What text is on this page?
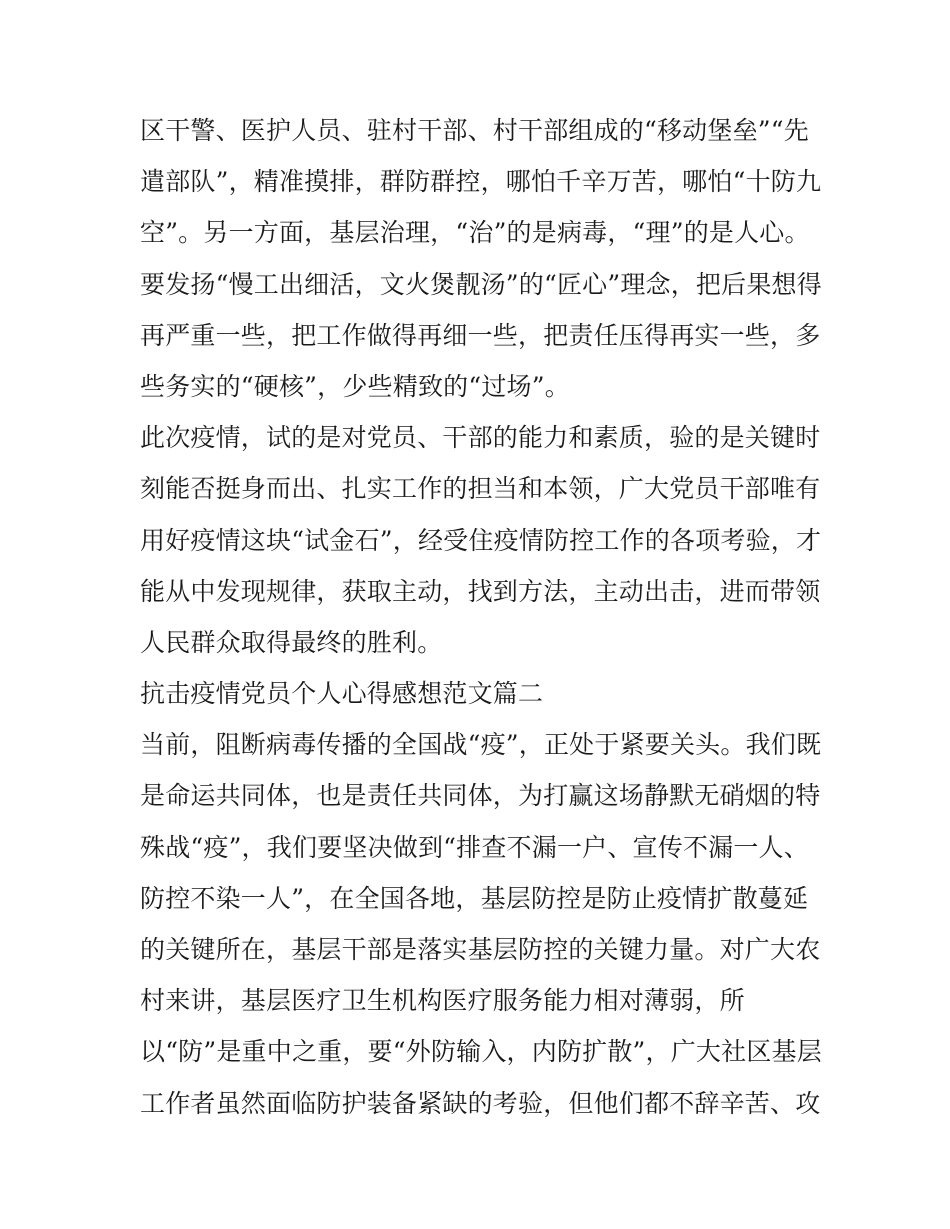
区干警、医护人员、驻村干部、村干部组成的“移动堡垒”“先
遣部队”，精准摸排，群防群控，哪怕千辛万苦，哪怕“十防九
空”。另一方面，基层治理，“治”的是病毒，“理”的是人心。
要发扬“慢工出细活，文火煲靓汤”的“匠心”理念，把后果想得
再严重一些，把工作做得再细一些，把责任压得再实一些，多
些务实的“硬核”，少些精致的“过场”。
此次疫情，试的是对党员、干部的能力和素质，验的是关键时
刻能否挺身而出、扎实工作的担当和本领，广大党员干部唯有
用好疫情这块“试金石”，经受住疫情防控工作的各项考验，才
能从中发现规律，获取主动，找到方法，主动出击，进而带领
人民群众取得最终的胜利。
抗击疫情党员个人心得感想范文篇二
当前，阻断病毒传播的全国战“疫”，正处于紧要关头。我们既
是命运共同体，也是责任共同体，为打赢这场静默无硝烟的特
殊战“疫”，我们要坚决做到“排查不漏一户、宣传不漏一人、
防控不染一人”，在全国各地，基层防控是防止疫情扩散蔓延
的关键所在，基层干部是落实基层防控的关键力量。对广大农
村来讲，基层医疗卫生机构医疗服务能力相对薄弱，所
以“防”是重中之重，要“外防输入，内防扩散”，广大社区基层
工作者虽然面临防护装备紧缺的考验，但他们都不辞辛苦、攻
